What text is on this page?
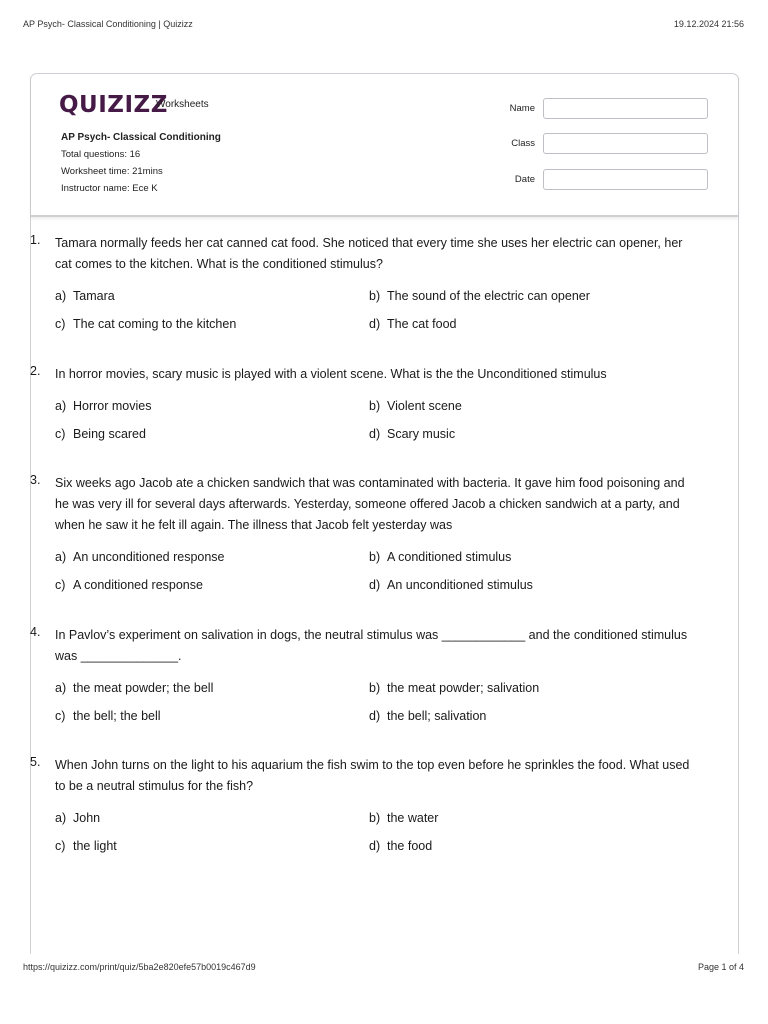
AP Psych- Classical Conditioning | Quizizz	19.12.2024 21:56
QUIZIZZ
Worksheets
AP Psych- Classical Conditioning
Total questions: 16
Worksheet time: 21mins
Instructor name: Ece K
Name
Class
Date
1. Tamara normally feeds her cat canned cat food. She noticed that every time she uses her electric can opener, her cat comes to the kitchen. What is the conditioned stimulus?
a) Tamara	b) The sound of the electric can opener
c) The cat coming to the kitchen	d) The cat food
2. In horror movies, scary music is played with a violent scene. What is the the Unconditioned stimulus
a) Horror movies	b) Violent scene
c) Being scared	d) Scary music
3. Six weeks ago Jacob ate a chicken sandwich that was contaminated with bacteria. It gave him food poisoning and he was very ill for several days afterwards. Yesterday, someone offered Jacob a chicken sandwich at a party, and when he saw it he felt ill again. The illness that Jacob felt yesterday was
a) An unconditioned response	b) A conditioned stimulus
c) A conditioned response	d) An unconditioned stimulus
4. In Pavlov’s experiment on salivation in dogs, the neutral stimulus was ____________ and the conditioned stimulus was ______________.
a) the meat powder; the bell	b) the meat powder; salivation
c) the bell; the bell	d) the bell; salivation
5. When John turns on the light to his aquarium the fish swim to the top even before he sprinkles the food. What used to be a neutral stimulus for the fish?
a) John	b) the water
c) the light	d) the food
https://quizizz.com/print/quiz/5ba2e820efe57b0019c467d9	Page 1 of 4
